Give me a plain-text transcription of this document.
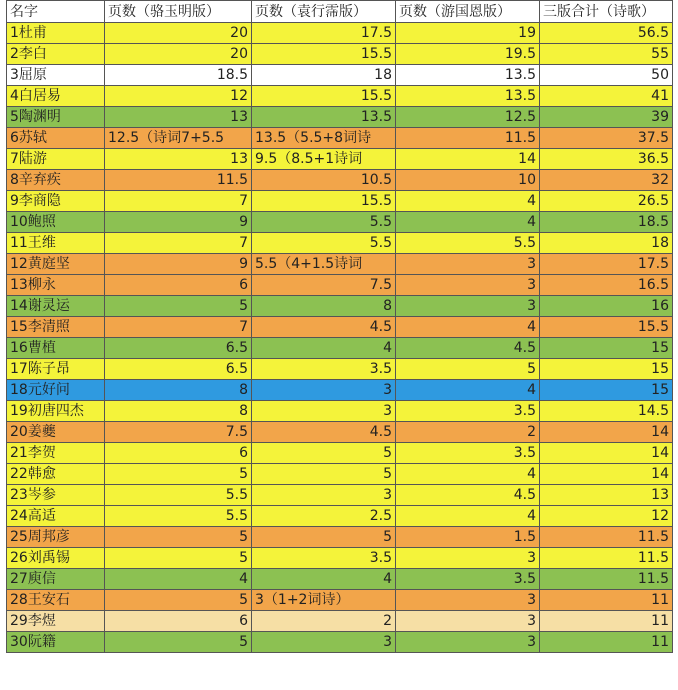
名字	页数（骆玉明版）	页数（袁行霈版）	页数（游国恩版）	三版合计（诗歌）
1杜甫	20	17.5	19	56.5
2李白	20	15.5	19.5	55
3屈原	18.5	18	13.5	50
4白居易	12	15.5	13.5	41
5陶渊明	13	13.5	12.5	39
6苏轼	12.5（诗词7+5.5	13.5（5.5+8词诗	11.5	37.5
7陆游	13	9.5（8.5+1诗词	14	36.5
8辛弃疾	11.5	10.5	10	32
9李商隐	7	15.5	4	26.5
10鲍照	9	5.5	4	18.5
11王维	7	5.5	5.5	18
12黄庭坚	9	5.5（4+1.5诗词	3	17.5
13柳永	6	7.5	3	16.5
14谢灵运	5	8	3	16
15李清照	7	4.5	4	15.5
16曹植	6.5	4	4.5	15
17陈子昂	6.5	3.5	5	15
18元好问	8	3	4	15
19初唐四杰	8	3	3.5	14.5
20姜夔	7.5	4.5	2	14
21李贺	6	5	3.5	14
22韩愈	5	5	4	14
23岑参	5.5	3	4.5	13
24高适	5.5	2.5	4	12
25周邦彦	5	5	1.5	11.5
26刘禹锡	5	3.5	3	11.5
27庾信	4	4	3.5	11.5
28王安石	5	3（1+2词诗）	3	11
29李煜	6	2	3	11
30阮籍	5	3	3	11
